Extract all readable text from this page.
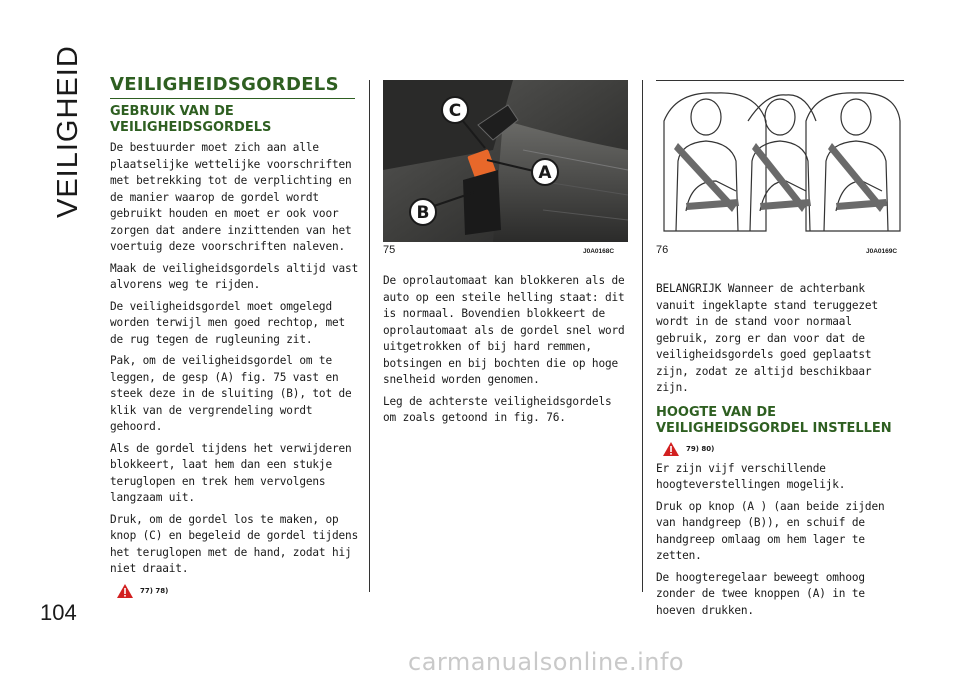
VEILIGHEID
104
VEILIGHEIDSGORDELS
GEBRUIK VAN DE VEILIGHEIDSGORDELS

De bestuurder moet zich aan alle plaatselijke wettelijke voorschriften met betrekking tot de verplichting en de manier waarop de gordel wordt gebruikt houden en moet er ook voor zorgen dat andere inzittenden van het voertuig deze voorschriften naleven.

Maak de veiligheidsgordels altijd vast alvorens weg te rijden.

De veiligheidsgordel moet omgelegd worden terwijl men goed rechtop, met de rug tegen de rugleuning zit.

Pak, om de veiligheidsgordel om te leggen, de gesp (A) fig. 75 vast en steek deze in de sluiting (B), tot de klik van de vergrendeling wordt gehoord.

Als de gordel tijdens het verwijderen blokkeert, laat hem dan een stukje teruglopen en trek hem vervolgens langzaam uit.

Druk, om de gordel los te maken, op knop (C) en begeleid de gordel tijdens het teruglopen met de hand, zodat hij niet draait.

77) 78)
C
A
B
75	J0A0168C

De oprolautomaat kan blokkeren als de auto op een steile helling staat: dit is normaal. Bovendien blokkeert de oprolautomaat als de gordel snel word uitgetrokken of bij hard remmen, botsingen en bij bochten die op hoge snelheid worden genomen.

Leg de achterste veiligheidsgordels om zoals getoond in fig. 76.

76	J0A0169C

BELANGRIJK Wanneer de achterbank vanuit ingeklapte stand teruggezet wordt in de stand voor normaal gebruik, zorg er dan voor dat de veiligheidsgordels goed geplaatst zijn, zodat ze altijd beschikbaar zijn.

HOOGTE VAN DE VEILIGHEIDSGORDEL INSTELLEN
79) 80)

Er zijn vijf verschillende hoogteverstellingen mogelijk.

Druk op knop (A ) (aan beide zijden van handgreep (B)), en schuif de handgreep omlaag om hem lager te zetten.

De hoogteregelaar beweegt omhoog zonder de twee knoppen (A) in te hoeven drukken.

carmanualsonline.info
